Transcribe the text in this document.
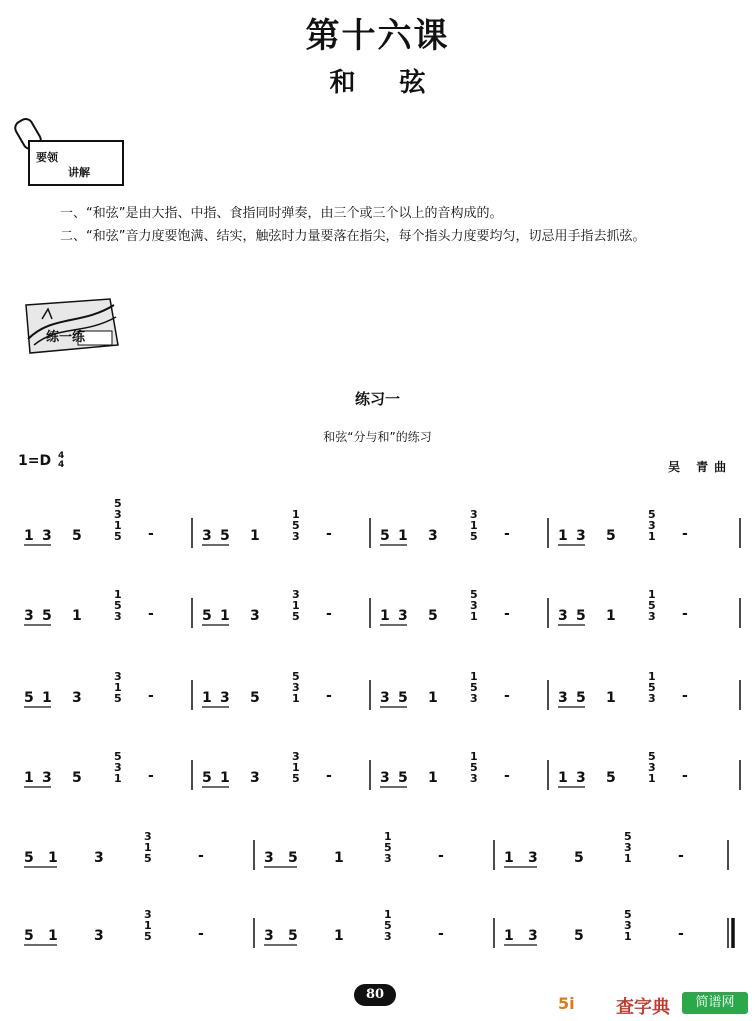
第十六课
和 弦
要领
讲解
一、“和弦”是由大指、中指、食指同时弹奏，由三个或三个以上的音构成的。
二、“和弦”音力度要饱满、结实，触弦时力量要落在指尖，每个指头力度要均匀，切忌用手指去抓弦。
练一练
练习一
和弦“分与和”的练习
1=D 4
4	吴 青曲
1 3 5
5
3
1
5 -	3 5 1
1
5
3 -	5 1 3
3
1
5 -	1 3 5
5
3
1 -
3 5 1
1
5
3 -	5 1 3
3
1
5 -	1 3 5
5
3
1 -	3 5 1
1
5
3 -
5 1 3
3
1
5 -	1 3 5
5
3
1 -	3 5 1
1
5
3 -	3 5 1
1
5
3 -
1 3 5
5
3
1 -	5 1 3
3
1
5 -	3 5 1
1
5
3 -	1 3 5
5
3
1 -
5 1	3
3
1
5	-	3 5	1
1
5
3	-	1 3	5
5
3
1	-
5 1	3
3
1
5	-	3 5	1
1
5
3	-	1 3	5
5
3
1	-
80	5i 查字典	简谱网
